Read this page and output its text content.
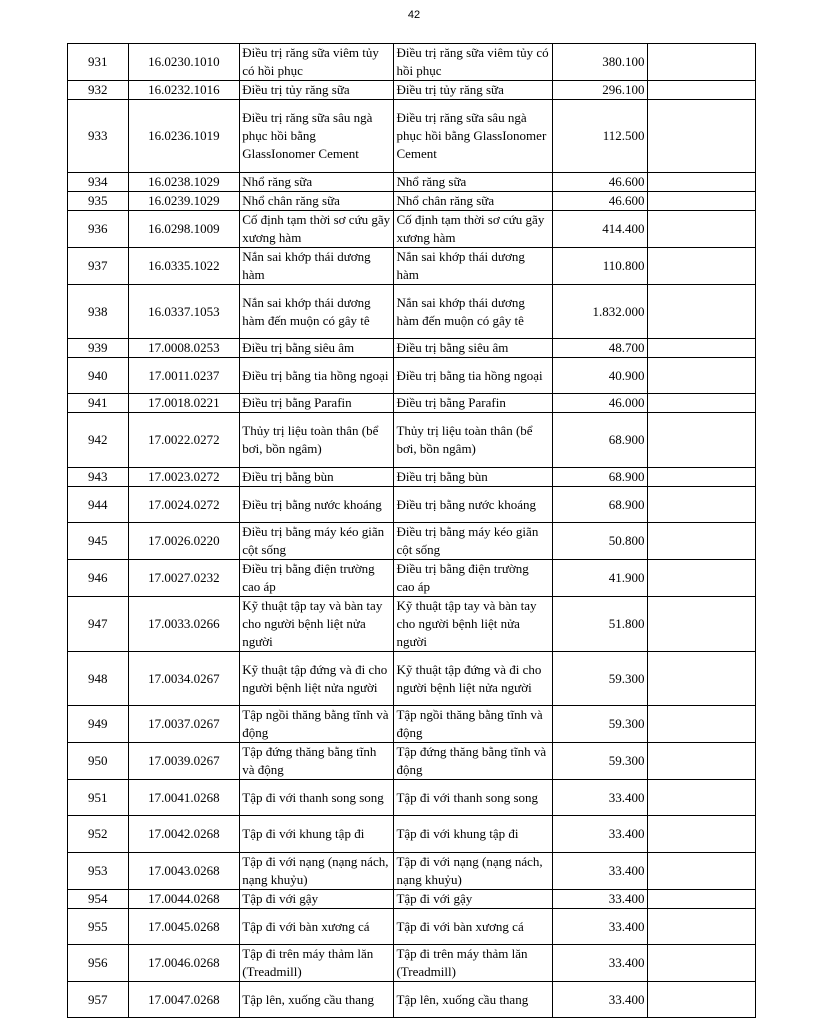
42
931	16.0230.1010	Điều trị răng sữa viêm tủy có hồi phục	Điều trị răng sữa viêm tủy có hồi phục	380.100	
932	16.0232.1016	Điều trị tủy răng sữa	Điều trị tủy răng sữa	296.100	
933	16.0236.1019	Điều trị răng sữa sâu ngà phục hồi bằng GlassIonomer Cement	Điều trị răng sữa sâu ngà phục hồi bằng GlassIonomer Cement	112.500	
934	16.0238.1029	Nhổ răng sữa	Nhổ răng sữa	46.600	
935	16.0239.1029	Nhổ chân răng sữa	Nhổ chân răng sữa	46.600	
936	16.0298.1009	Cố định tạm thời sơ cứu gãy xương hàm	Cố định tạm thời sơ cứu gãy xương hàm	414.400	
937	16.0335.1022	Nắn sai khớp thái dương hàm	Nắn sai khớp thái dương hàm	110.800	
938	16.0337.1053	Nắn sai khớp thái dương hàm đến muộn có gây tê	Nắn sai khớp thái dương hàm đến muộn có gây tê	1.832.000	
939	17.0008.0253	Điều trị bằng siêu âm	Điều trị bằng siêu âm	48.700	
940	17.0011.0237	Điều trị bằng tia hồng ngoại	Điều trị bằng tia hồng ngoại	40.900	
941	17.0018.0221	Điều trị bằng Parafin	Điều trị bằng Parafin	46.000	
942	17.0022.0272	Thủy trị liệu toàn thân (bể bơi, bồn ngâm)	Thủy trị liệu toàn thân (bể bơi, bồn ngâm)	68.900	
943	17.0023.0272	Điều trị bằng bùn	Điều trị bằng bùn	68.900	
944	17.0024.0272	Điều trị bằng nước khoáng	Điều trị bằng nước khoáng	68.900	
945	17.0026.0220	Điều trị bằng máy kéo giãn cột sống	Điều trị bằng máy kéo giãn cột sống	50.800	
946	17.0027.0232	Điều trị bằng điện trường cao áp	Điều trị bằng điện trường cao áp	41.900	
947	17.0033.0266	Kỹ thuật tập tay và bàn tay cho người bệnh liệt nửa người	Kỹ thuật tập tay và bàn tay cho người bệnh liệt nửa người	51.800	
948	17.0034.0267	Kỹ thuật tập đứng và đi cho người bệnh liệt nửa người	Kỹ thuật tập đứng và đi cho người bệnh liệt nửa người	59.300	
949	17.0037.0267	Tập ngồi thăng bằng tĩnh và động	Tập ngồi thăng bằng tĩnh và động	59.300	
950	17.0039.0267	Tập đứng thăng bằng tĩnh và động	Tập đứng thăng bằng tĩnh và động	59.300	
951	17.0041.0268	Tập đi với thanh song song	Tập đi với thanh song song	33.400	
952	17.0042.0268	Tập đi với khung tập đi	Tập đi với khung tập đi	33.400	
953	17.0043.0268	Tập đi với nạng (nạng nách, nạng khuỷu)	Tập đi với nạng (nạng nách, nạng khuỷu)	33.400	
954	17.0044.0268	Tập đi với gậy	Tập đi với gậy	33.400	
955	17.0045.0268	Tập đi với bàn xương cá	Tập đi với bàn xương cá	33.400	
956	17.0046.0268	Tập đi trên máy thảm lăn (Treadmill)	Tập đi trên máy thảm lăn (Treadmill)	33.400	
957	17.0047.0268	Tập lên, xuống cầu thang	Tập lên, xuống cầu thang	33.400	
